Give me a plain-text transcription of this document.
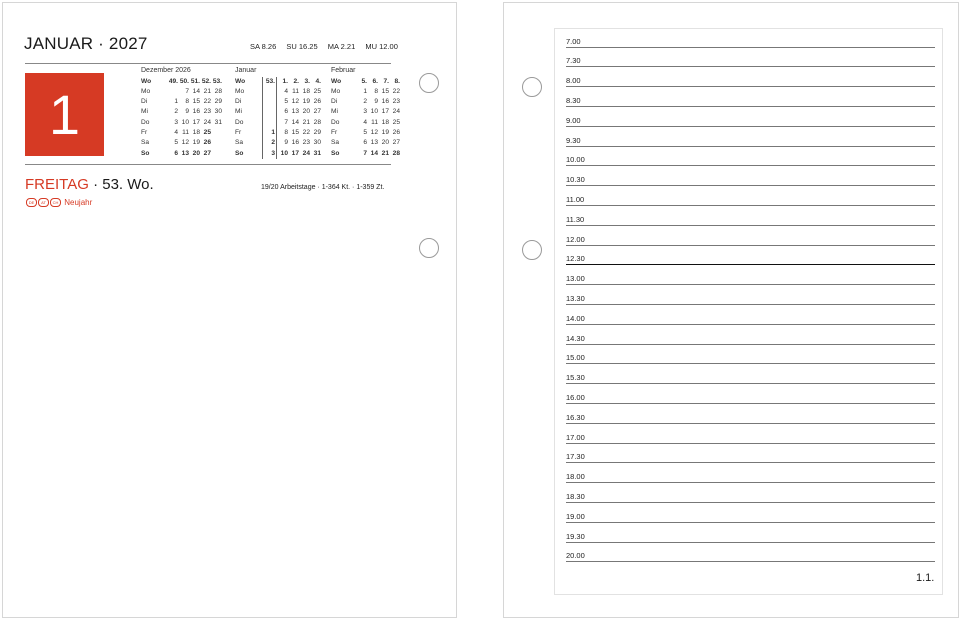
JANUAR · 2027	SA 8.26 SU 16.25 MA 2.21 MU 12.00
1
Dezember 2026
Wo	49.	50.	51.	52.	53.
Mo		7	14	21	28
Di	1	8	15	22	29
Mi	2	9	16	23	30
Do	3	10	17	24	31
Fr	4	11	18	25	
Sa	5	12	19	26	
So	6	13	20	27	
Januar
Wo	53.	1.	2.	3.	4.
Mo		4	11	18	25
Di		5	12	19	26
Mi		6	13	20	27
Do		7	14	21	28
Fr	1	8	15	22	29
Sa	2	9	16	23	30
So	3	10	17	24	31
Februar
Wo	5.	6.	7.	8.
Mo	1	8	15	22
Di	2	9	16	23
Mi	3	10	17	24
Do	4	11	18	25
Fr	5	12	19	26
Sa	6	13	20	27
So	7	14	21	28
FREITAG · 53. Wo.	19/20 Arbeitstage · 1-364 Kt. · 1-359 Zt.
DE AT CH Neujahr
7.00
7.30
8.00
8.30
9.00
9.30
10.00
10.30
11.00
11.30
12.00
12.30
13.00
13.30
14.00
14.30
15.00
15.30
16.00
16.30
17.00
17.30
18.00
18.30
19.00
19.30
20.00
1.1.
